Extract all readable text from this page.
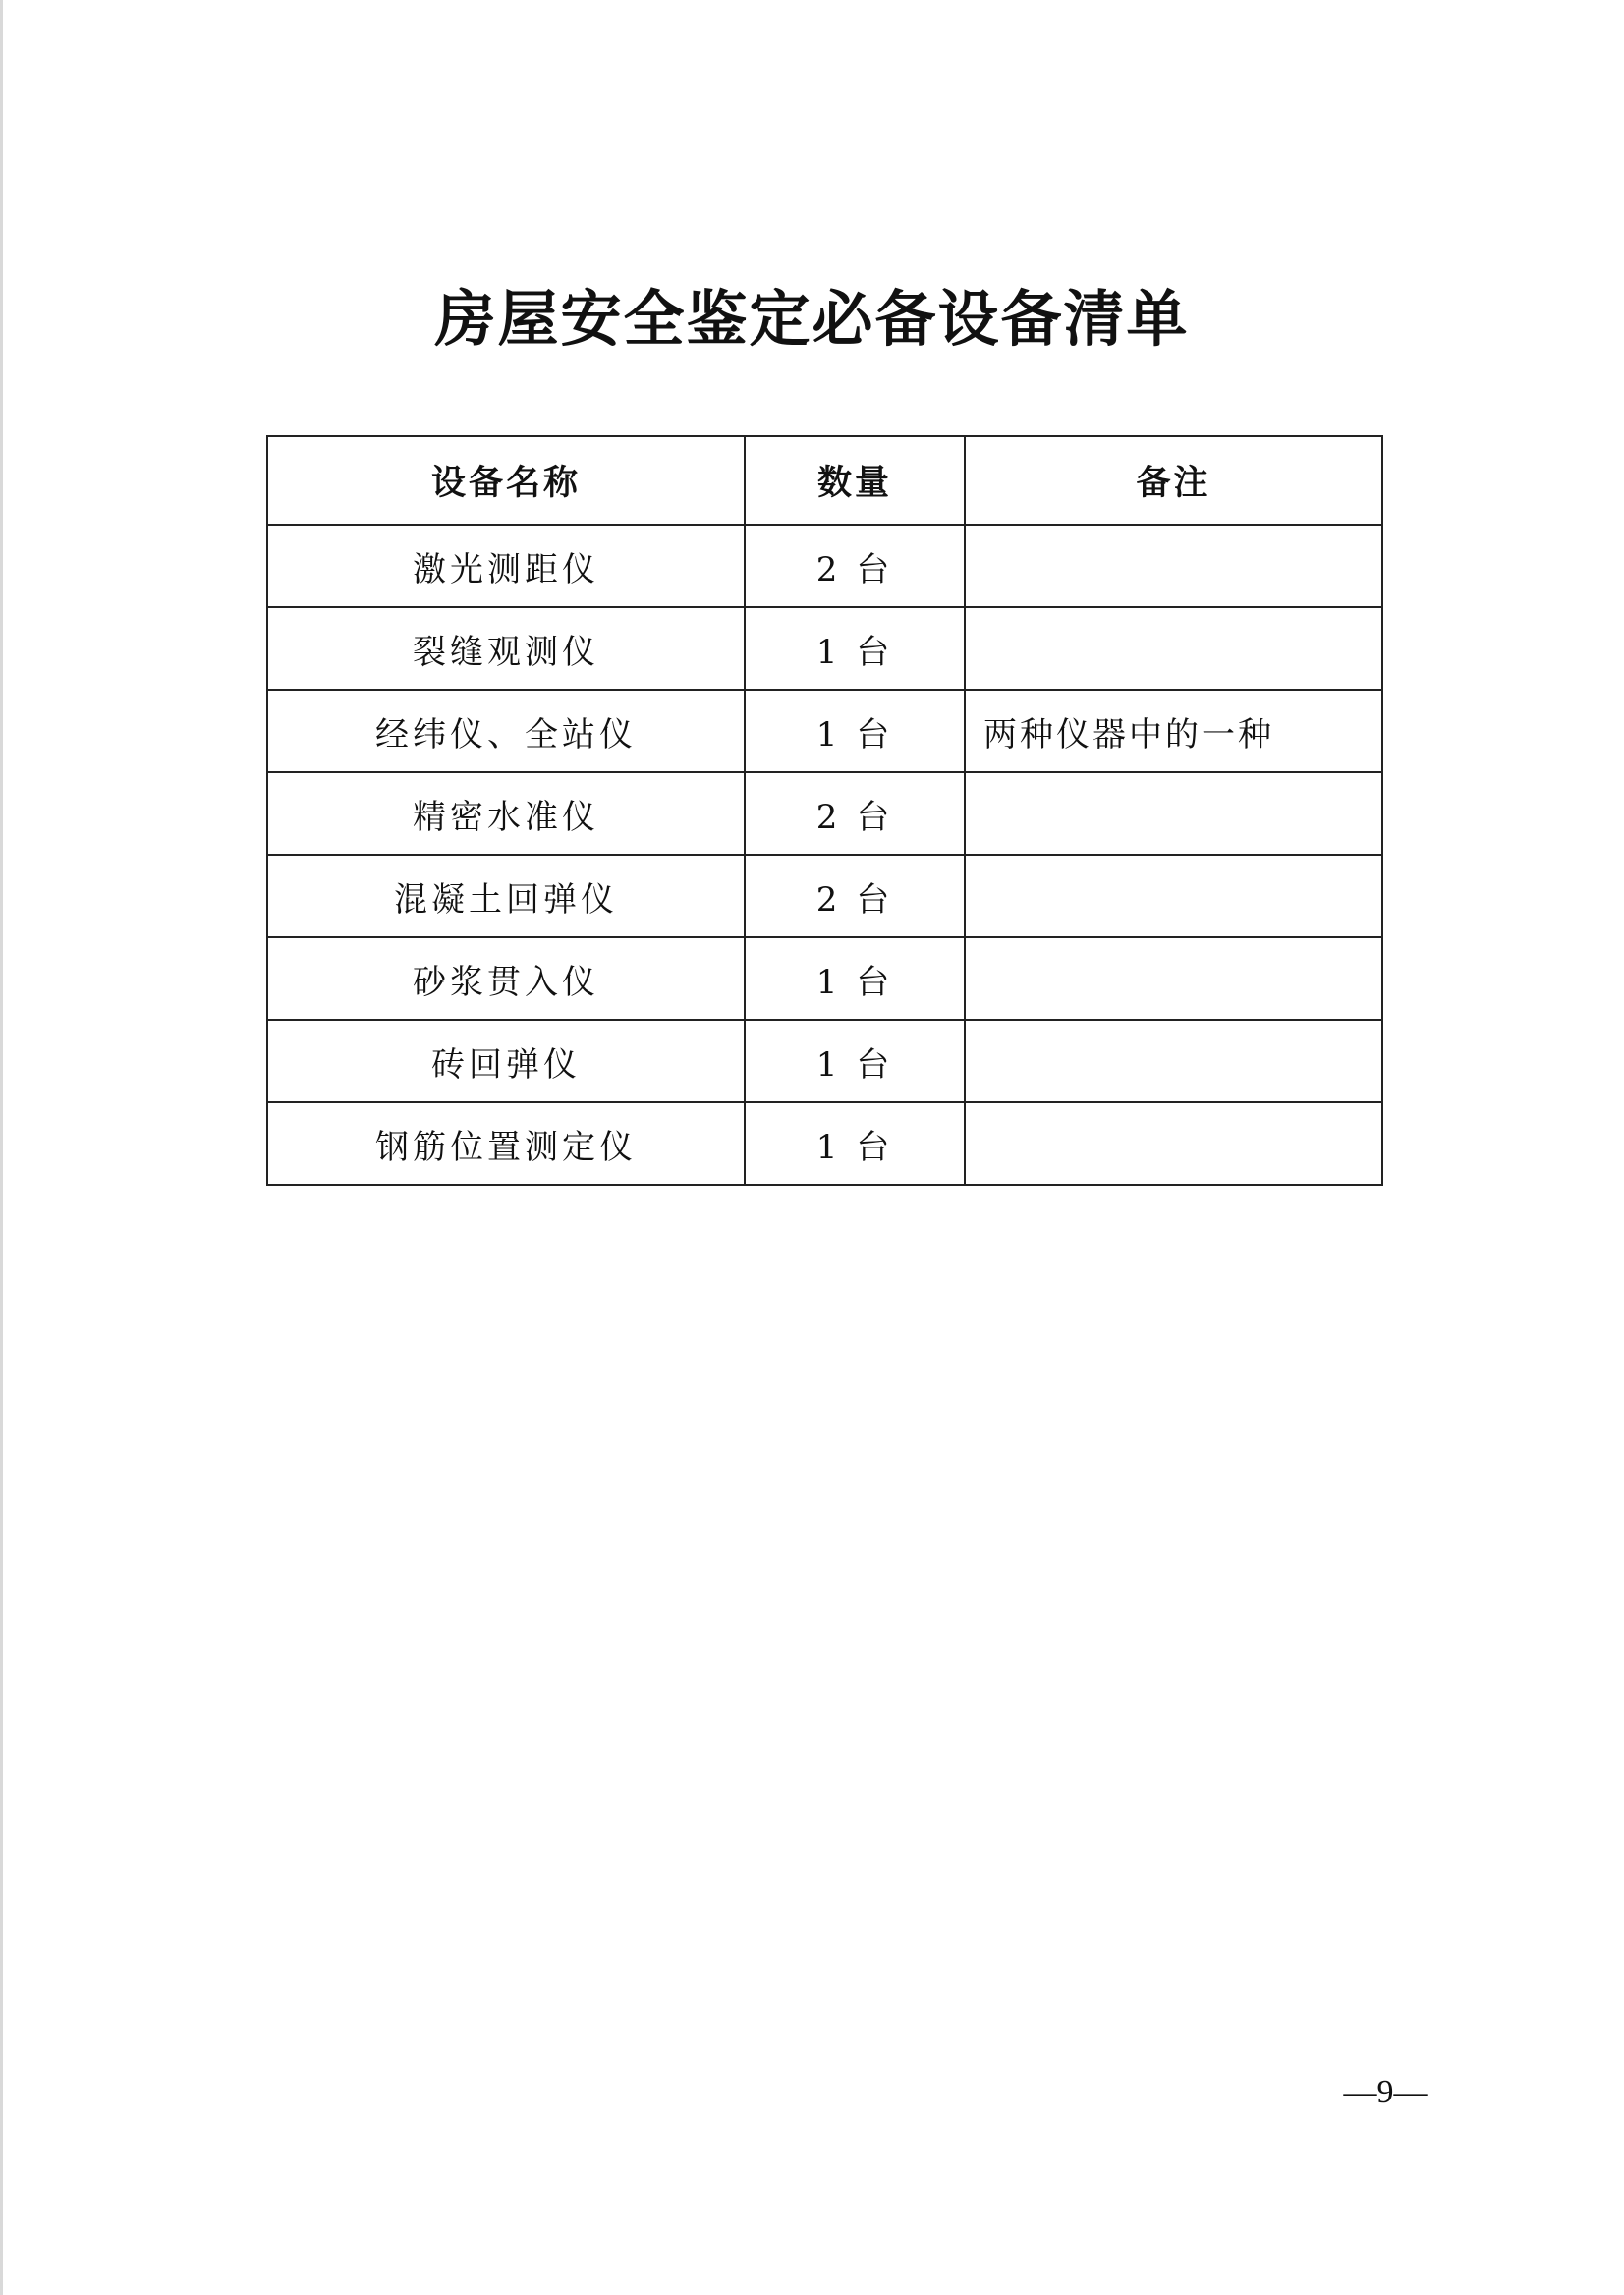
房屋安全鉴定必备设备清单
设备名称	数量	备注
激光测距仪	2 台	
裂缝观测仪	1 台	
经纬仪、全站仪	1 台	两种仪器中的一种
精密水准仪	2 台	
混凝土回弹仪	2 台	
砂浆贯入仪	1 台	
砖回弹仪	1 台	
钢筋位置测定仪	1 台	
—9—
